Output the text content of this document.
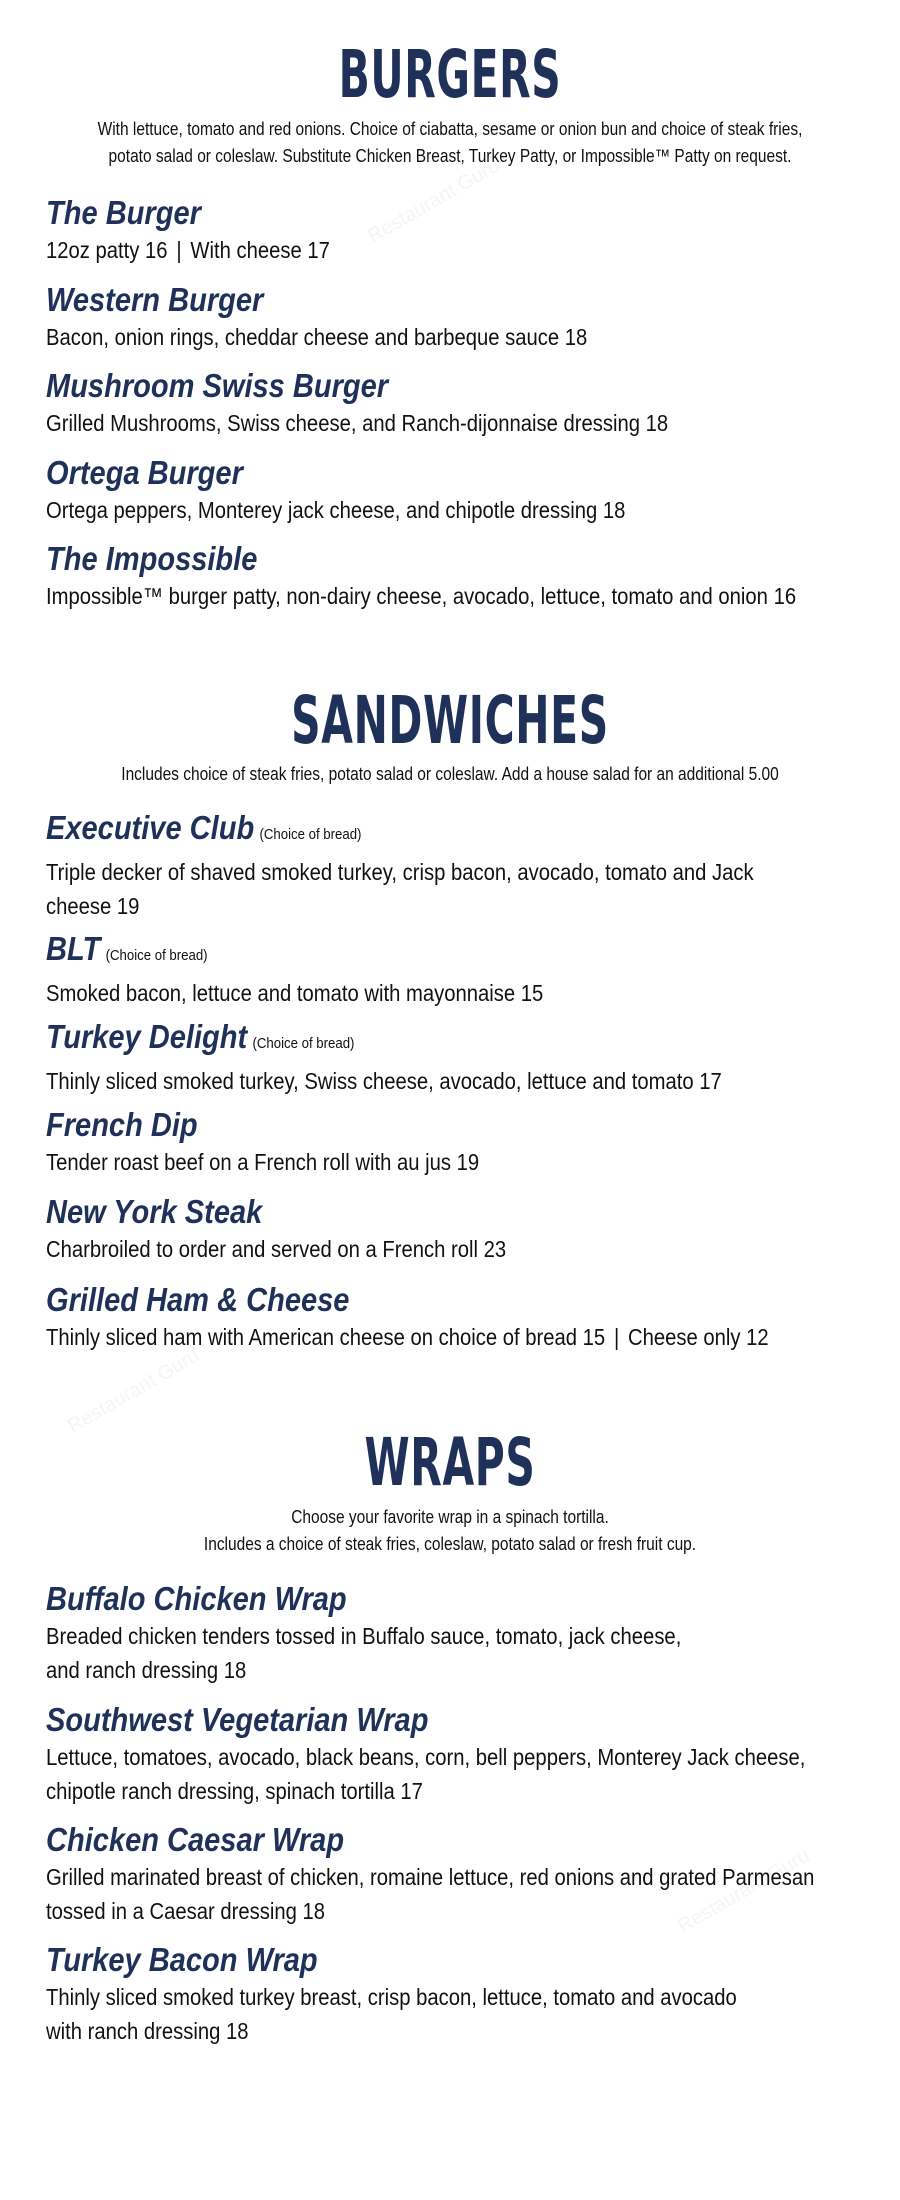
Restaurant Guru
Restaurant Guru
Restaurant Guru
BURGERS

With lettuce, tomato and red onions. Choice of ciabatta, sesame or onion bun and choice of steak fries,

potato salad or coleslaw. Substitute Chicken Breast, Turkey Patty, or Impossible™ Patty on request.

The Burger
12oz patty 16 | With cheese 17
Western Burger
Bacon, onion rings, cheddar cheese and barbeque sauce 18
Mushroom Swiss Burger
Grilled Mushrooms, Swiss cheese, and Ranch-dijonnaise dressing 18
Ortega Burger
Ortega peppers, Monterey jack cheese, and chipotle dressing 18
The Impossible
Impossible™ burger patty, non-dairy cheese, avocado, lettuce, tomato and onion 16
SANDWICHES

Includes choice of steak fries, potato salad or coleslaw. Add a house salad for an additional 5.00

Executive Club (Choice of bread)

Triple decker of shaved smoked turkey, crisp bacon, avocado, tomato and Jack

cheese 19

BLT (Choice of bread)
Smoked bacon, lettuce and tomato with mayonnaise 15
Turkey Delight (Choice of bread)
Thinly sliced smoked turkey, Swiss cheese, avocado, lettuce and tomato 17
French Dip
Tender roast beef on a French roll with au jus 19
New York Steak
Charbroiled to order and served on a French roll 23
Grilled Ham & Cheese
Thinly sliced ham with American cheese on choice of bread 15 | Cheese only 12
WRAPS

Choose your favorite wrap in a spinach tortilla.

Includes a choice of steak fries, coleslaw, potato salad or fresh fruit cup.

Buffalo Chicken Wrap

Breaded chicken tenders tossed in Buffalo sauce, tomato, jack cheese,

and ranch dressing 18

Southwest Vegetarian Wrap

Lettuce, tomatoes, avocado, black beans, corn, bell peppers, Monterey Jack cheese,

chipotle ranch dressing, spinach tortilla 17

Chicken Caesar Wrap

Grilled marinated breast of chicken, romaine lettuce, red onions and grated Parmesan

tossed in a Caesar dressing 18

Turkey Bacon Wrap

Thinly sliced smoked turkey breast, crisp bacon, lettuce, tomato and avocado

with ranch dressing 18
